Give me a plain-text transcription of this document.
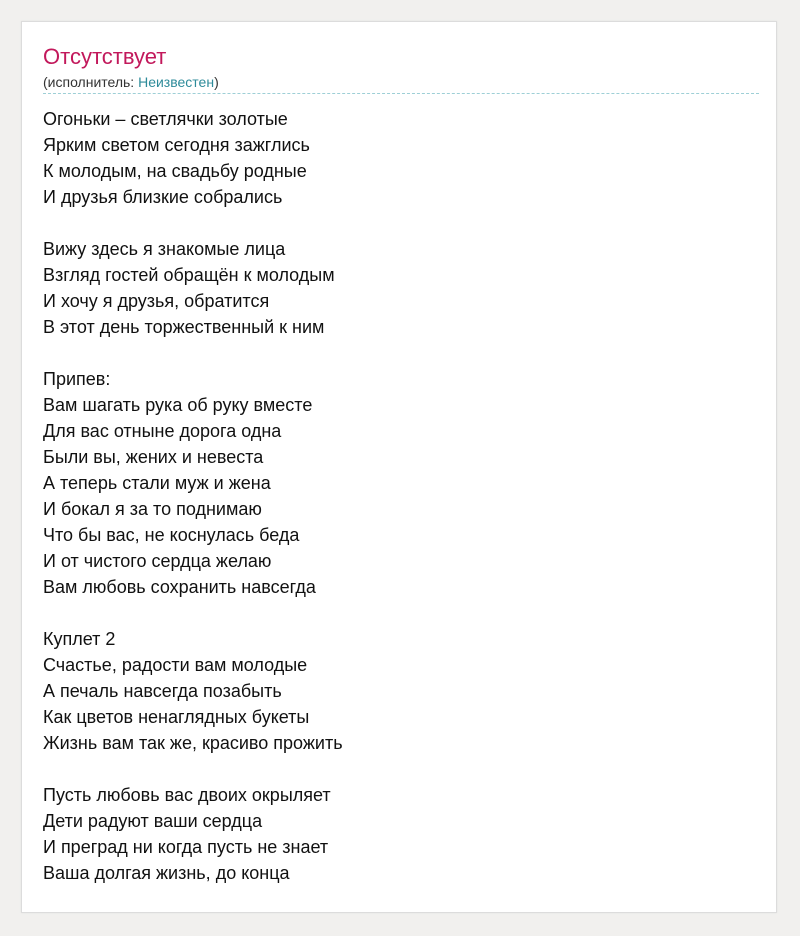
Отсутствует
(исполнитель: Неизвестен)
Огоньки – светлячки золотые
Ярким светом сегодня зажглись
К молодым, на свадьбу родные
И друзья близкие собрались
Вижу здесь я знакомые лица
Взгляд гостей обращён к молодым
И хочу я друзья, обратится
В этот день торжественный к ним
Припев:
Вам шагать рука об руку вместе
Для вас отныне дорога одна
Были вы, жених и невеста
А теперь стали муж и жена
И бокал я за то поднимаю
Что бы вас, не коснулась беда
И от чистого сердца желаю
Вам любовь сохранить навсегда
Куплет 2
Счастье, радости вам молодые
А печаль навсегда позабыть
Как цветов ненаглядных букеты
Жизнь вам так же, красиво прожить
Пусть любовь вас двоих окрыляет
Дети радуют ваши сердца
И преград ни когда пусть не знает
Ваша долгая жизнь, до конца
